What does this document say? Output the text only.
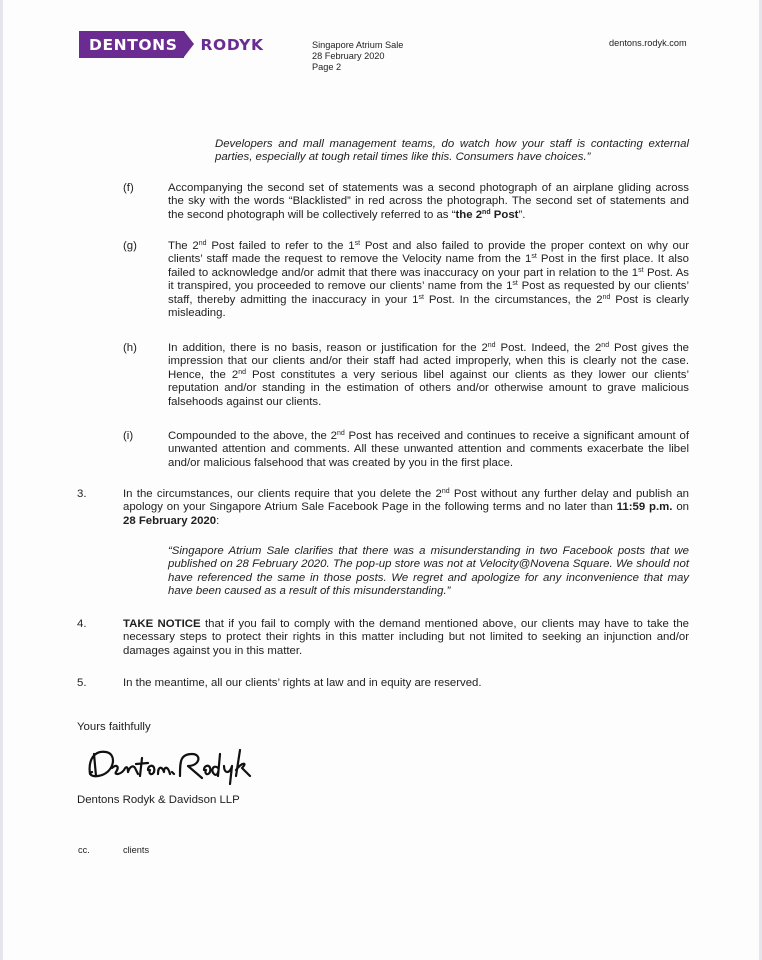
DENTONS	RODYK	Singapore Atrium Sale
28 February 2020
Page 2
dentons.rodyk.com
Developers and mall management teams, do watch how your staff is contacting external parties, especially at tough retail times like this. Consumers have choices.”
(f)	Accompanying the second set of statements was a second photograph of an airplane gliding across the sky with the words “Blacklisted” in red across the photograph. The second set of statements and the second photograph will be collectively referred to as “the 2nd Post”.
(g)	The 2nd Post failed to refer to the 1st Post and also failed to provide the proper context on why our clients’ staff made the request to remove the Velocity name from the 1st Post in the first place. It also failed to acknowledge and/or admit that there was inaccuracy on your part in relation to the 1st Post. As it transpired, you proceeded to remove our clients’ name from the 1st Post as requested by our clients’ staff, thereby admitting the inaccuracy in your 1st Post. In the circumstances, the 2nd Post is clearly misleading.
(h)	In addition, there is no basis, reason or justification for the 2nd Post. Indeed, the 2nd Post gives the impression that our clients and/or their staff had acted improperly, when this is clearly not the case. Hence, the 2nd Post constitutes a very serious libel against our clients as they lower our clients’ reputation and/or standing in the estimation of others and/or otherwise amount to grave malicious falsehoods against our clients.
(i)	Compounded to the above, the 2nd Post has received and continues to receive a significant amount of unwanted attention and comments. All these unwanted attention and comments exacerbate the libel and/or malicious falsehood that was created by you in the first place.
3.	In the circumstances, our clients require that you delete the 2nd Post without any further delay and publish an apology on your Singapore Atrium Sale Facebook Page in the following terms and no later than 11:59 p.m. on 28 February 2020:
“Singapore Atrium Sale clarifies that there was a misunderstanding in two Facebook posts that we published on 28 February 2020. The pop-up store was not at Velocity@Novena Square. We should not have referenced the same in those posts. We regret and apologize for any inconvenience that may have been caused as a result of this misunderstanding.”
4.	TAKE NOTICE that if you fail to comply with the demand mentioned above, our clients may have to take the necessary steps to protect their rights in this matter including but not limited to seeking an injunction and/or damages against you in this matter.
5.	In the meantime, all our clients’ rights at law and in equity are reserved.
Yours faithfully
Dentons Rodyk & Davidson LLP
cc.	clients
